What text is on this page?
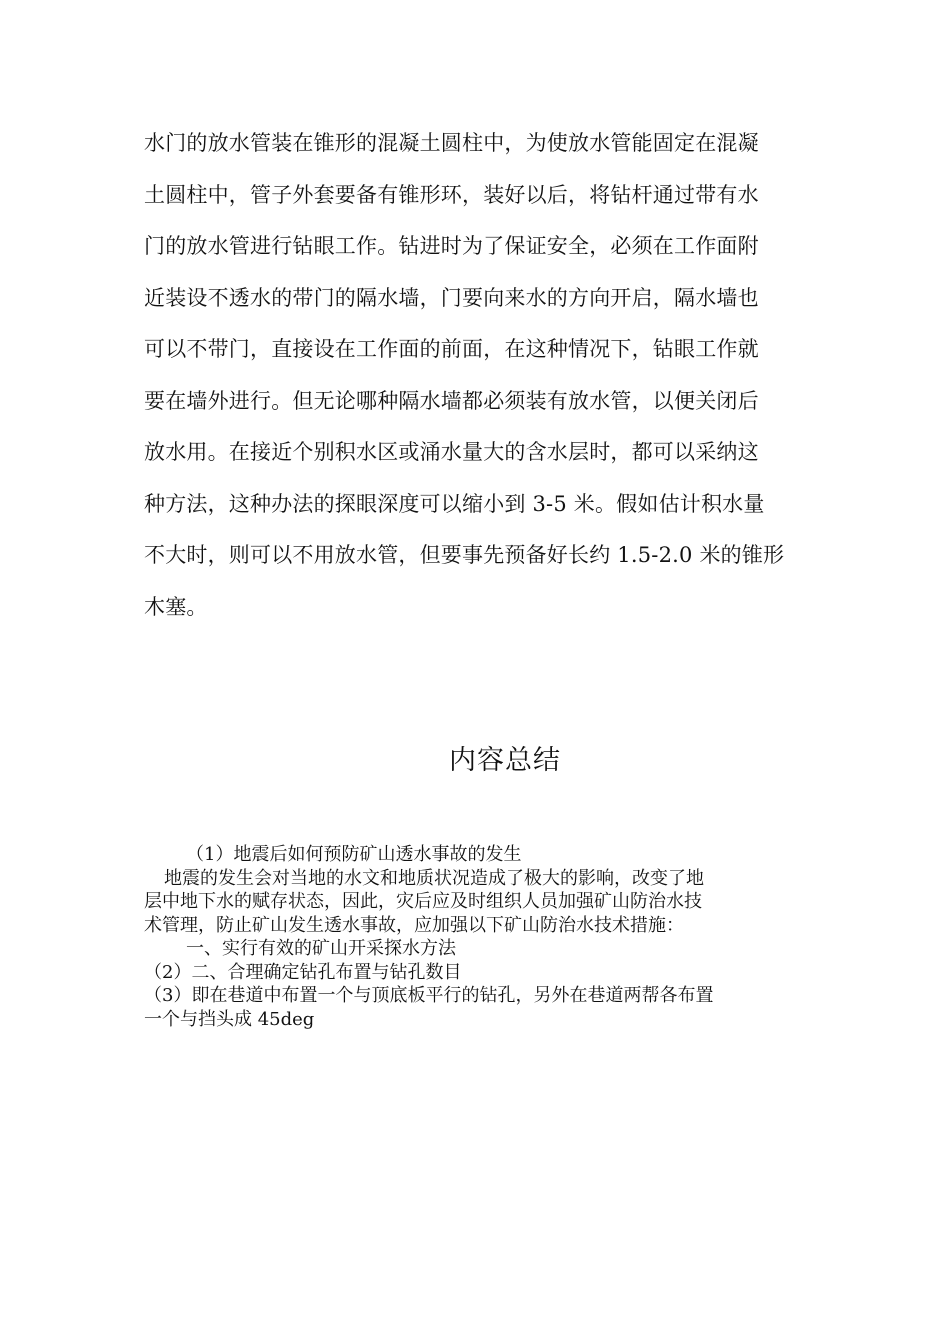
水门的放水管装在锥形的混凝土圆柱中，为使放水管能固定在混凝
土圆柱中，管子外套要备有锥形环，装好以后，将钻杆通过带有水
门的放水管进行钻眼工作。钻进时为了保证安全，必须在工作面附
近装设不透水的带门的隔水墙，门要向来水的方向开启，隔水墙也
可以不带门，直接设在工作面的前面，在这种情况下，钻眼工作就
要在墙外进行。但无论哪种隔水墙都必须装有放水管，以便关闭后
放水用。在接近个别积水区或涌水量大的含水层时，都可以采纳这
种方法，这种办法的探眼深度可以缩小到 3-5 米。假如估计积水量
不大时，则可以不用放水管，但要事先预备好长约 1.5-2.0 米的锥形
木塞。
内容总结
（1）地震后如何预防矿山透水事故的发生
地震的发生会对当地的水文和地质状况造成了极大的影响，改变了地
层中地下水的赋存状态，因此，灾后应及时组织人员加强矿山防治水技
术管理，防止矿山发生透水事故，应加强以下矿山防治水技术措施：
一、实行有效的矿山开采探水方法
（2）二、合理确定钻孔布置与钻孔数目
（3）即在巷道中布置一个与顶底板平行的钻孔，另外在巷道两帮各布置
一个与挡头成 45deg
